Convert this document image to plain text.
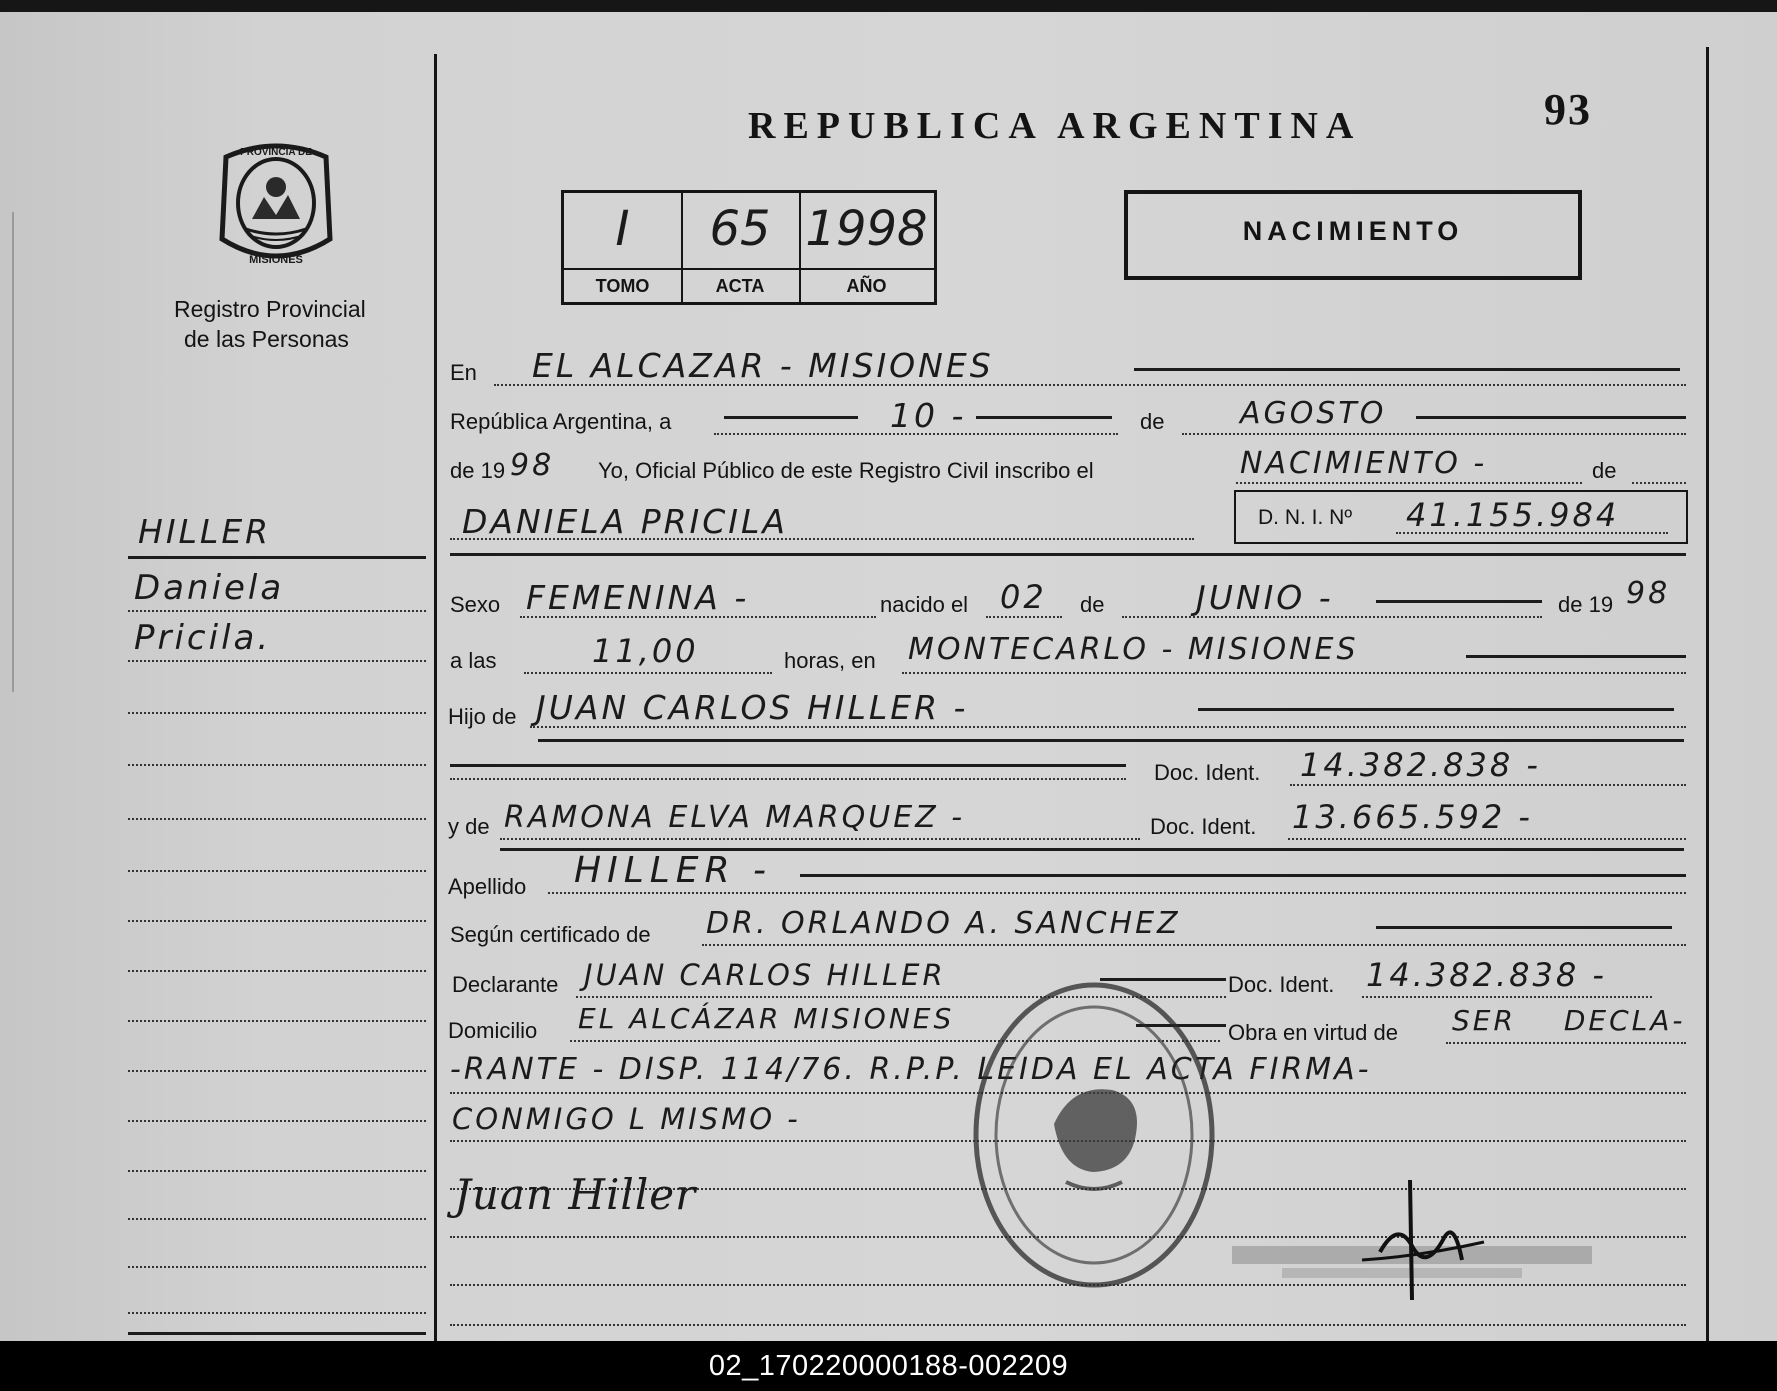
PROVINCIA DE
MISIONES
Registro Provincial
de las Personas
REPUBLICA ARGENTINA	93
I
TOMO
65
ACTA
1998
AÑO
NACIMIENTO
HILLER
Daniela
Pricila.
En EL ALCAZAR - MISIONES
República Argentina, a	10 -	de	AGOSTO
de 19 98 Yo, Oficial Público de este Registro Civil inscribo el	NACIMIENTO -	de
DANIELA PRICILA	D. N. I. Nº 41.155.984
Sexo FEMENINA -	nacido el 02 de	JUNIO -	de 19 98
a las	11,00	horas, en MONTECARLO - MISIONES
Hijo de JUAN CARLOS HILLER -
Doc. Ident. 14.382.838 -
y de RAMONA ELVA MARQUEZ -	Doc. Ident. 13.665.592 -
Apellido HILLER -
Según certificado de DR. ORLANDO A. SANCHEZ
Declarante JUAN CARLOS HILLER	Doc. Ident. 14.382.838 -
Domicilio EL ALCÁZAR MISIONES	Obra en virtud de SER DECLA-
-RANTE - DISP. 114/76. R.P.P. LEIDA EL ACTA FIRMA-
CONMIGO L MISMO -
Juan Hiller
02_170220000188-002209
